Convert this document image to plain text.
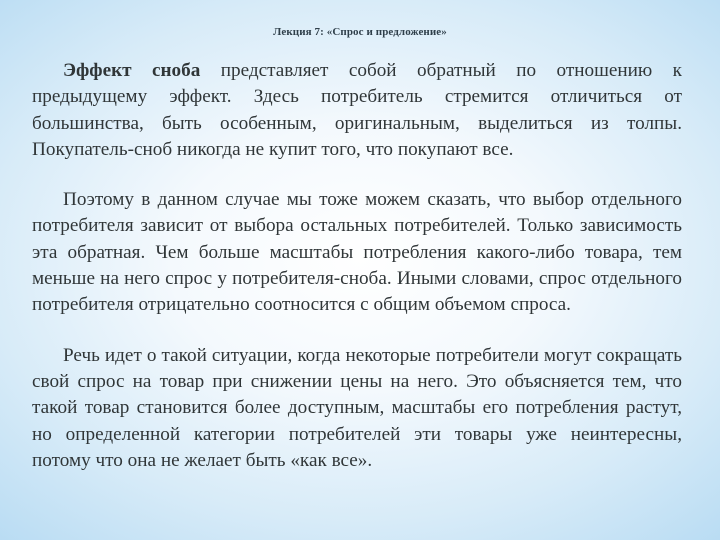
Лекция 7: «Спрос и предложение»

Эффект сноба представляет собой обратный по отношению к предыдущему эффект. Здесь потребитель стремится отличиться от большинства, быть особенным, оригинальным, выделиться из толпы. Покупатель-сноб никогда не купит того, что покупают все.

Поэтому в данном случае мы тоже можем сказать, что выбор отдельного потребителя зависит от выбора остальных потребителей. Только зависимость эта обратная. Чем больше масштабы потребления какого-либо товара, тем меньше на него спрос у потребителя-сноба. Иными словами, спрос отдельного потребителя отрицательно соотносится с общим объемом спроса.

Речь идет о такой ситуации, когда некоторые потребители могут сокращать свой спрос на товар при снижении цены на него. Это объясняется тем, что такой товар становится более доступным, масштабы его потребления растут, но определенной категории потребителей эти товары уже неинтересны, потому что она не желает быть «как все».
